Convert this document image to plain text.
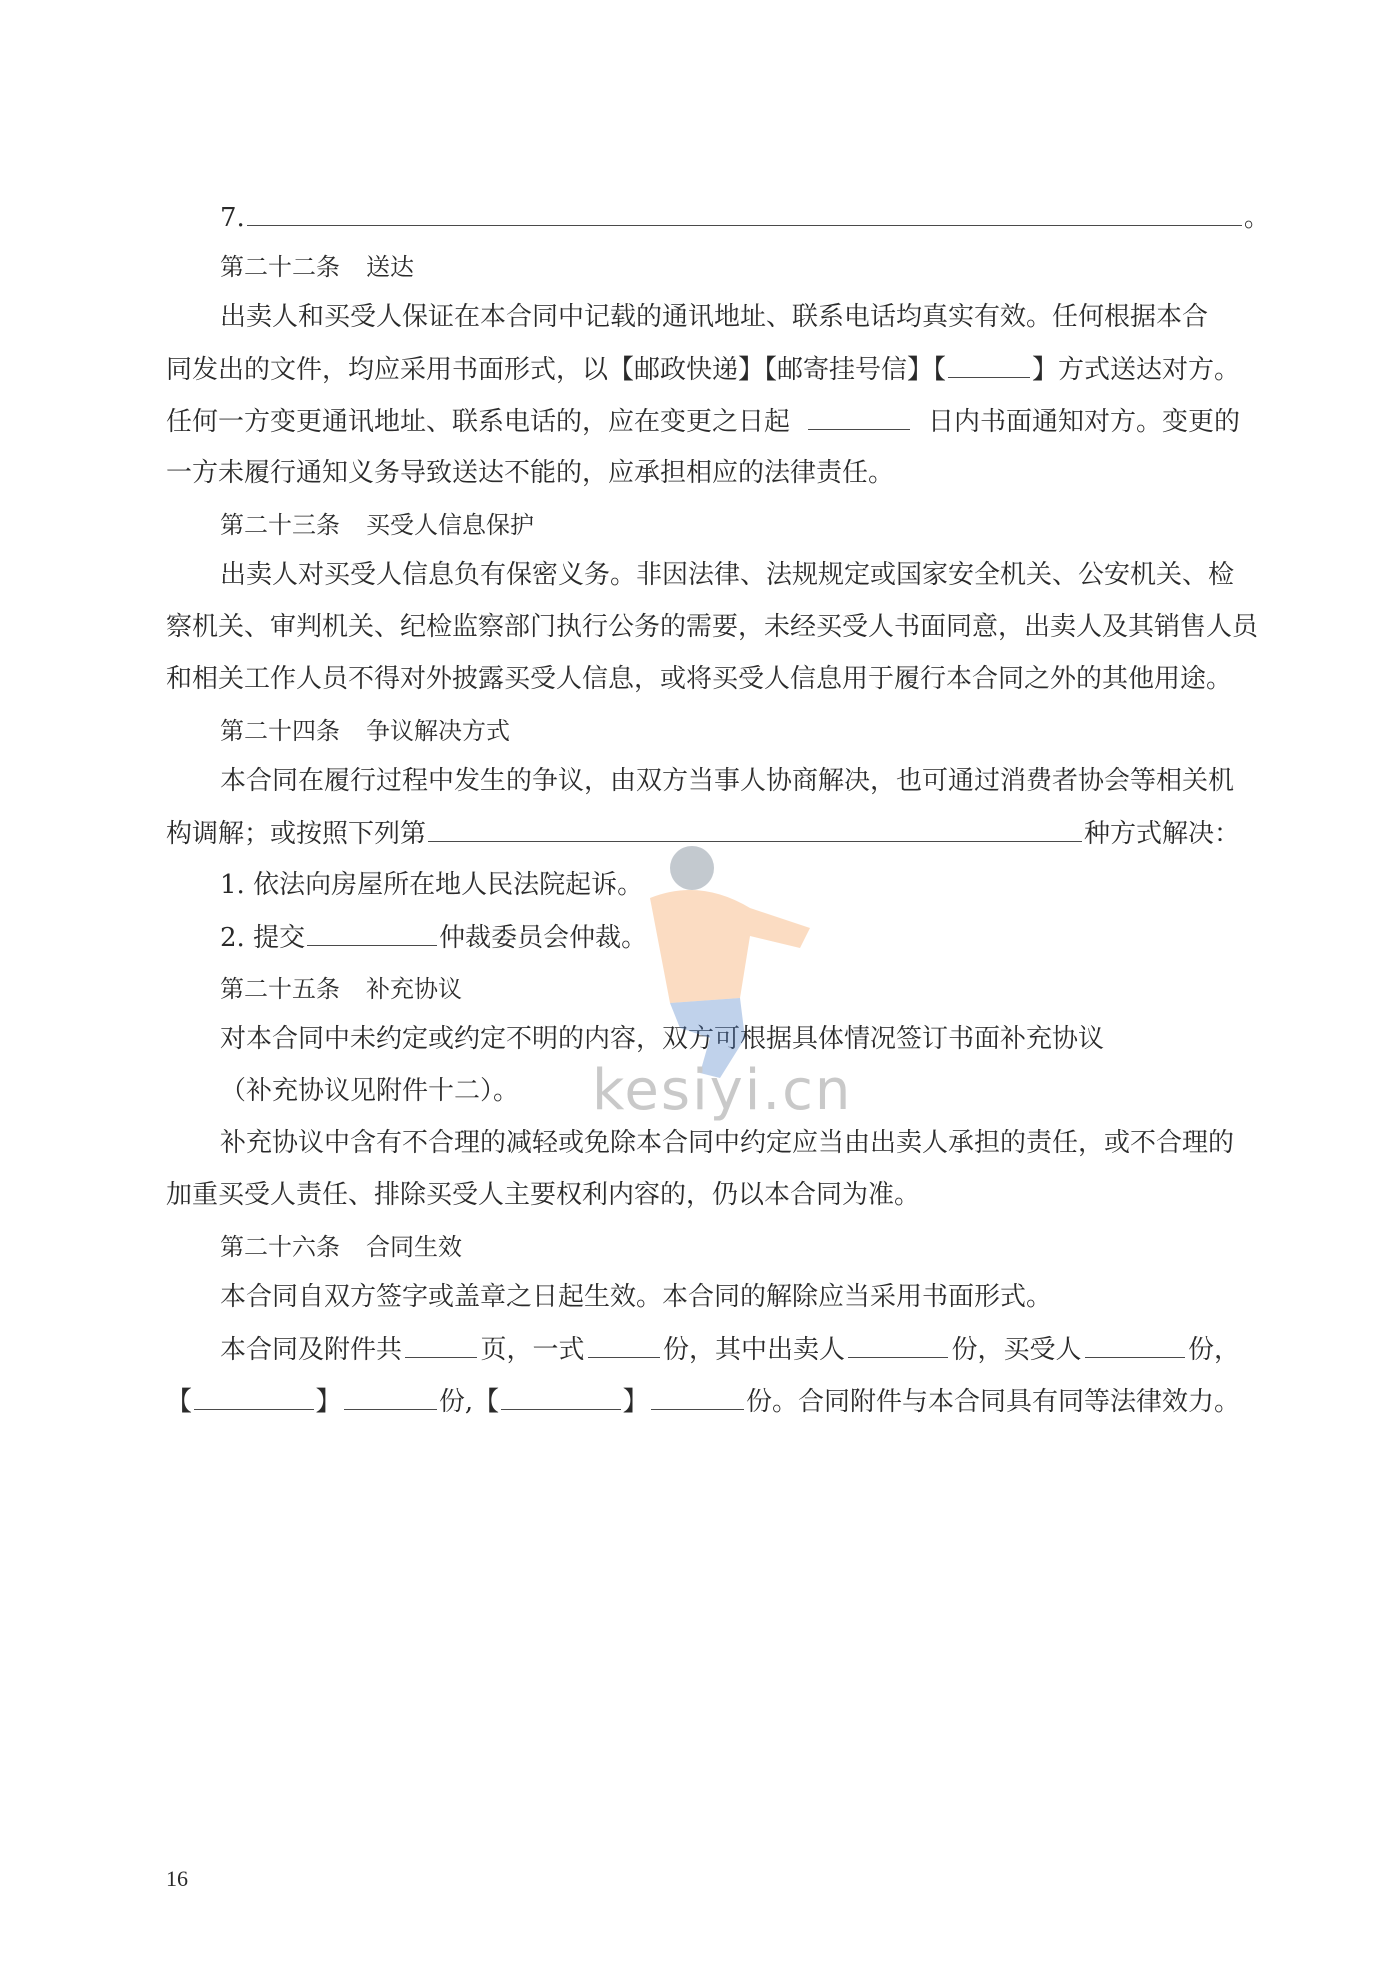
7.	。
第二十二条 送达
出卖人和买受人保证在本合同中记载的通讯地址、联系电话均真实有效。任何根据本合
同发出的文件，均应采用书面形式，以【邮政快递】【邮寄挂号信】【	】方式送达对方。
任何一方变更通讯地址、联系电话的，应在变更之日起	日内书面通知对方。变更的
一方未履行通知义务导致送达不能的，应承担相应的法律责任。
第二十三条 买受人信息保护
出卖人对买受人信息负有保密义务。非因法律、法规规定或国家安全机关、公安机关、检
察机关、审判机关、纪检监察部门执行公务的需要，未经买受人书面同意，出卖人及其销售人员
和相关工作人员不得对外披露买受人信息，或将买受人信息用于履行本合同之外的其他用途。
第二十四条 争议解决方式
本合同在履行过程中发生的争议，由双方当事人协商解决，也可通过消费者协会等相关机
构调解；或按照下列第	种方式解决：
1. 依法向房屋所在地人民法院起诉。
2. 提交	仲裁委员会仲裁。
第二十五条 补充协议
对本合同中未约定或约定不明的内容，双方可根据具体情况签订书面补充协议
（补充协议见附件十二）。
补充协议中含有不合理的减轻或免除本合同中约定应当由出卖人承担的责任，或不合理的
加重买受人责任、排除买受人主要权利内容的，仍以本合同为准。
第二十六条 合同生效
本合同自双方签字或盖章之日起生效。本合同的解除应当采用书面形式。
本合同及附件共	页，一式	份，其中出卖人	份，买受人	份，
【	】	份,【	】	份。合同附件与本合同具有同等法律效力。
kesiyi.cn
16
